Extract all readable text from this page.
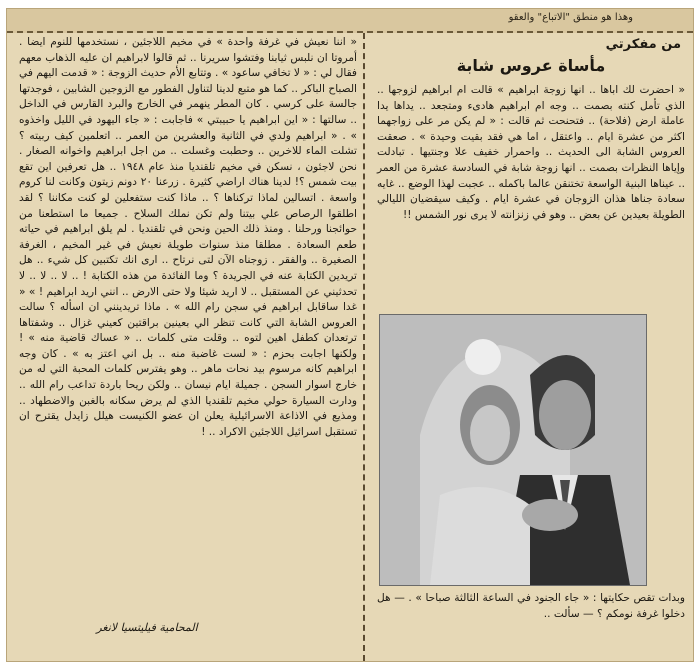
وهذا هو منطق "الاتباع" والعقو

« اننا نعيش في غرفة واحدة » في مخيم اللاجئين ، نستخدمها للنوم ايضا . أمروتا ان نلبس ثيابنا وفتشوا سريرنا .. ثم قالوا لابراهيم ان عليه الذهاب معهم فقال لي : « لا تخافي ساعود » . وتتابع الأم حديث الزوجة : « قدمت اليهم في الصباح الباكر .. كما هو متبع لدينا لتناول الفطور مع الزوجين الشابين ، فوجدتها جالسة على كرسي . كان المطر ينهمر في الخارج والبرد القارس في الداخل .. سالتها : « اين ابراهيم يا حبيبتي » فاجابت : « جاء اليهود في الليل واخذوه » . « ابراهيم ولدي في الثانية والعشرين من العمر .. اتعلمين كيف ربيته ؟ تشلت الماء للاخرين .. وحطبت وغسلت .. من اجل ابراهيم واخوانه الصغار . نحن لاجئون ، نسكن في مخيم تلقنديا منذ عام ١٩٤٨ .. هل تعرفين اين تقع بيت شمس ؟! لدينا هناك اراضي كثيرة . زرعنا ٢٠ دونم زيتون وكانت لنا كروم واسعة . اتسالين لماذا تركناها ؟ .. ماذا كنت ستفعلين لو كنت مكاننا ؟ لقد اطلقوا الرصاص علي بيتنا ولم تكن نملك السلاح . جميعا ما استطعنا من حوائجنا ورحلنا . ومنذ ذلك الحين ونحن في تلقنديا . لم يلق ابراهيم في حياته طعم السعادة . مطلقا منذ سنوات طويلة نعيش في غير المخيم ، الغرفة الصغيرة .. والفقر . زوجناه الآن لتى نرتاح .. ارى انك تكتبين كل شيء .. هل تريدين الكتابة عنه في الجريدة ؟ وما الفائدة من هذه الكتابة ! .. لا .. لا .. لا تحدثيني عن المستقبل .. لا اريد شيئا ولا حتى الارض .. انني اريد ابراهيم ! » « غدا ساقابل ابراهيم في سجن رام الله » . ماذا تريدينني ان اسأله ؟ سالت العروس الشابة التي كانت تنظر الي بعينين براقتين كعيني غزال .. وشفتاها ترتعدان كطفل اهين لتوه .. وقلت متى كلمات .. « عساك قاضية منه » ! ولكنها اجابت بحزم : « لست غاضبة منه .. بل اني اعتز به » . كان وجه ابراهيم كانه مرسوم بيد نحات ماهر .. وهو يفترس كلمات المحبة التي له من خارج اسوار السجن . جميلة ايام نيسان .. ولكن ريحا باردة تداعب رام الله .. ودارت السيارة حولي مخيم تلقنديا الذي لم يرض سكانه بالغبن والاضطهاد .. ومذيع في الاذاعة الاسرائيلية يعلن ان عضو الكنيست هيلل زايدل يقترح ان تستقبل اسرائيل اللاجئين الاكراد .. !

من مفكرتي
مأساة عروس شابة

« احضرت لك اباها .. انها زوجة ابراهيم » قالت ام ابراهيم لزوجها .. الذي تأمل كنته بصمت .. وجه ام ابراهيم هادىء ومتجعد .. يداها يدا عاملة ارض (فلاحة) .. فتحنحت ثم قالت : « لم يكن مر على زواجهما اكثر من عشرة ايام .. واعتقل ، اما هي فقد بقيت وحيدة » . صعقت العروس الشابة الى الحديث .. واحمرار خفيف علا وجنتيها . تبادلت وإياها النظرات بصمت .. انها زوجة شابة في السادسة عشرة من العمر .. عيناها البنية الواسعة تختنقن عالما باكمله .. عجبت لهذا الوضع .. غايه سعادة جناها هذان الزوجان في عشرة ايام . وكيف سيقضيان الليالي الطويلة بعيدين عن بعض .. وهو في زنزانته لا يرى نور الشمس !!

وبدات تقص حكايتها : « جاء الجنود في الساعة الثالثة صباحا » . — هل دخلوا غرفة نومكم ؟ — سألت ..
المحامية فيليتسيا لانغر
